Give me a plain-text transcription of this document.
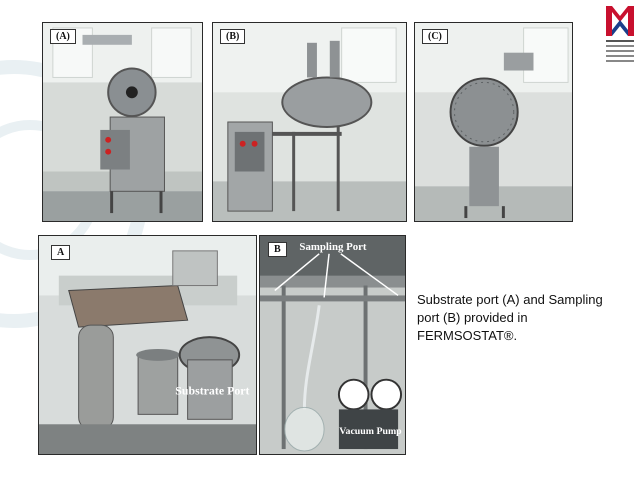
(A)	(B)	(C)
Substrate Port
A	Sampling Port
Vacuum Pump
B
Substrate port (A) and Sampling port (B) provided in FERMSOSTAT®.
